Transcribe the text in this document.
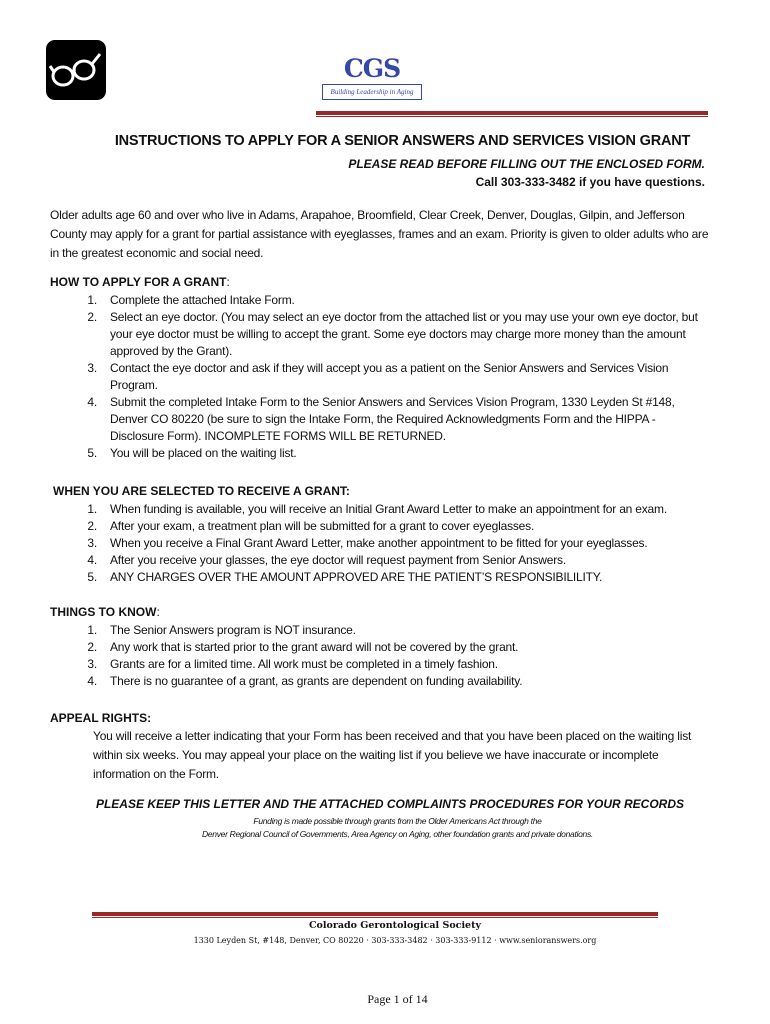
CGS
Building Leadership in Aging
INSTRUCTIONS TO APPLY FOR A SENIOR ANSWERS AND SERVICES VISION GRANT
PLEASE READ BEFORE FILLING OUT THE ENCLOSED FORM.
Call 303-333-3482 if you have questions.
Older adults age 60 and over who live in Adams, Arapahoe, Broomfield, Clear Creek, Denver, Douglas, Gilpin, and Jefferson County may apply for a grant for partial assistance with eyeglasses, frames and an exam. Priority is given to older adults who are in the greatest economic and social need.
HOW TO APPLY FOR A GRANT:
1. Complete the attached Intake Form.
2. Select an eye doctor. (You may select an eye doctor from the attached list or you may use your own eye doctor, but your eye doctor must be willing to accept the grant. Some eye doctors may charge more money than the amount approved by the Grant).
3. Contact the eye doctor and ask if they will accept you as a patient on the Senior Answers and Services Vision Program.
4. Submit the completed Intake Form to the Senior Answers and Services Vision Program, 1330 Leyden St #148, Denver CO 80220 (be sure to sign the Intake Form, the Required Acknowledgments Form and the HIPPA - Disclosure Form). INCOMPLETE FORMS WILL BE RETURNED.
5. You will be placed on the waiting list.
WHEN YOU ARE SELECTED TO RECEIVE A GRANT:
1. When funding is available, you will receive an Initial Grant Award Letter to make an appointment for an exam.
2. After your exam, a treatment plan will be submitted for a grant to cover eyeglasses.
3. When you receive a Final Grant Award Letter, make another appointment to be fitted for your eyeglasses.
4. After you receive your glasses, the eye doctor will request payment from Senior Answers.
5. ANY CHARGES OVER THE AMOUNT APPROVED ARE THE PATIENT’S RESPONSIBILILITY.
THINGS TO KNOW:
1. The Senior Answers program is NOT insurance.
2. Any work that is started prior to the grant award will not be covered by the grant.
3. Grants are for a limited time. All work must be completed in a timely fashion.
4. There is no guarantee of a grant, as grants are dependent on funding availability.
APPEAL RIGHTS:
You will receive a letter indicating that your Form has been received and that you have been placed on the waiting list within six weeks. You may appeal your place on the waiting list if you believe we have inaccurate or incomplete information on the Form.
PLEASE KEEP THIS LETTER AND THE ATTACHED COMPLAINTS PROCEDURES FOR YOUR RECORDS
Funding is made possible through grants from the Older Americans Act through the
Denver Regional Council of Governments, Area Agency on Aging, other foundation grants and private donations.
Colorado Gerontological Society
1330 Leyden St, #148, Denver, CO 80220 · 303-333-3482 · 303-333-9112 · www.senioranswers.org
Page 1 of 14
